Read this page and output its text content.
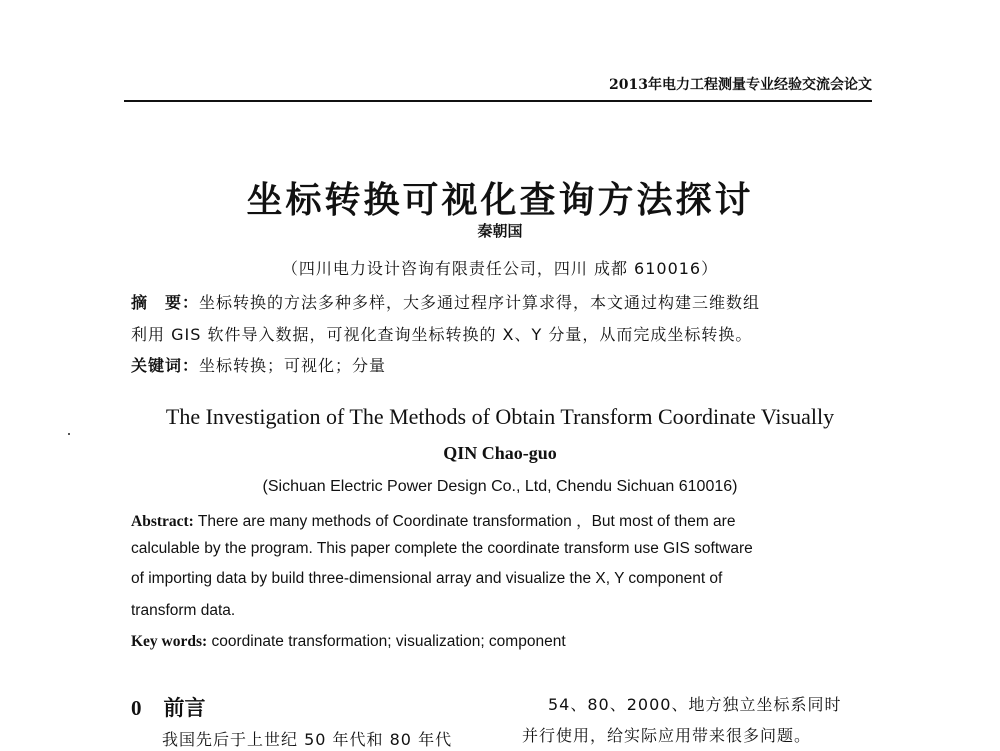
2013年电力工程测量专业经验交流会论文
坐标转换可视化查询方法探讨
秦朝国
（四川电力设计咨询有限责任公司，四川 成都 610016）
摘　要：坐标转换的方法多种多样，大多通过程序计算求得，本文通过构建三维数组
利用 GIS 软件导入数据，可视化查询坐标转换的 X、Y 分量，从而完成坐标转换。
关键词：坐标转换；可视化；分量
The Investigation of The Methods of Obtain Transform Coordinate Visually
QIN Chao-guo
(Sichuan Electric Power Design Co., Ltd, Chendu Sichuan 610016)
Abstract: There are many methods of Coordinate transformation ，But most of them are
calculable by the program. This paper complete the coordinate transform use GIS software
of importing data by build three-dimensional array and visualize the X, Y component of
transform data.
Key words: coordinate transformation; visualization; component
0 前言
我国先后于上世纪 50 年代和 80 年代
54、80、2000、地方独立坐标系同时
并行使用，给实际应用带来很多问题。
